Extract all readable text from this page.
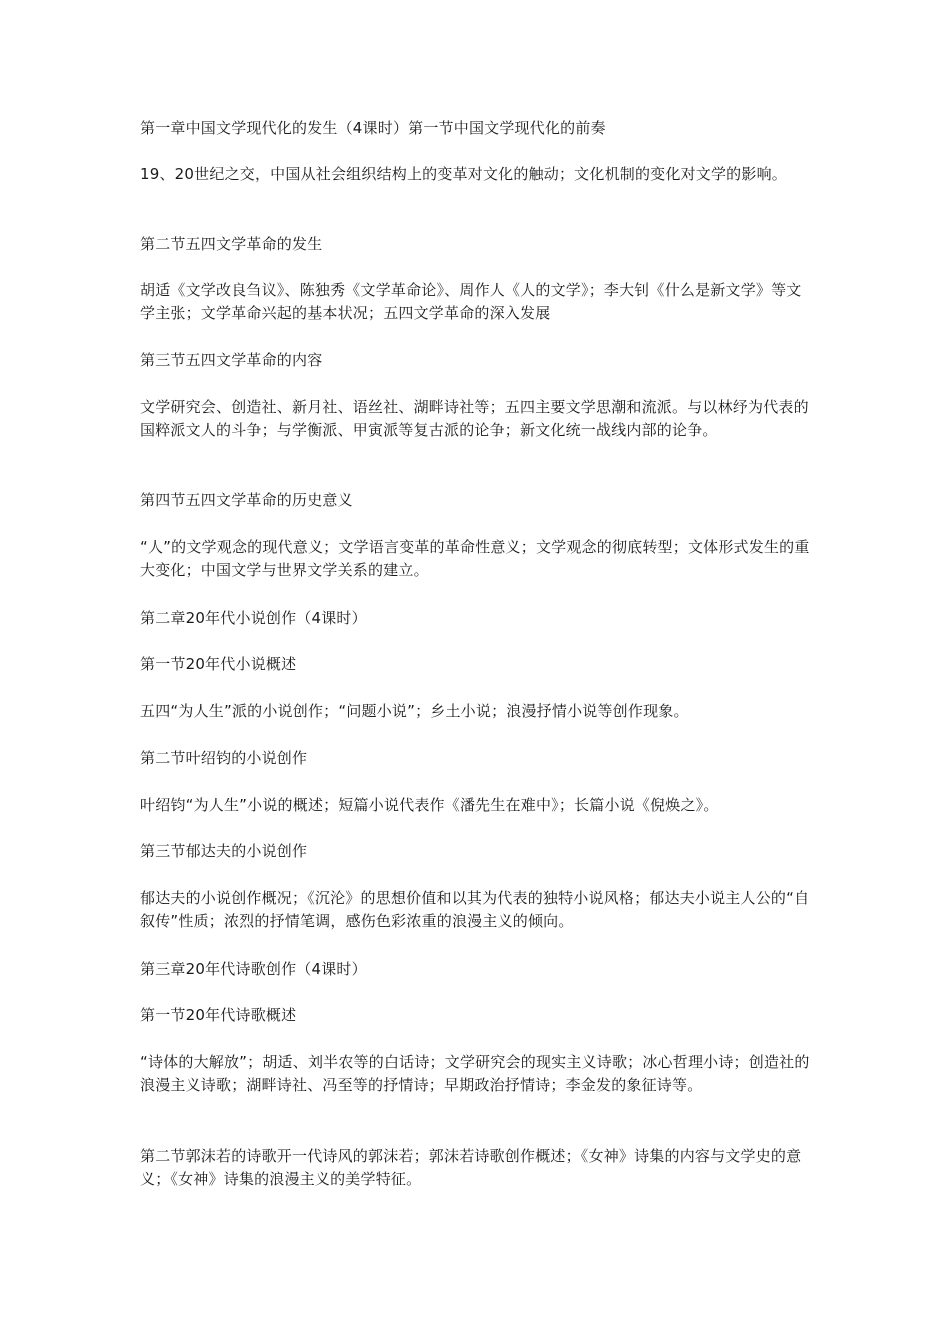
第一章中国文学现代化的发生（4课时）第一节中国文学现代化的前奏

19、20世纪之交，中国从社会组织结构上的变革对文化的触动；文化机制的变化对文学的影响。

第二节五四文学革命的发生

胡适《文学改良刍议》、陈独秀《文学革命论》、周作人《人的文学》；李大钊《什么是新文学》等文学主张；文学革命兴起的基本状况；五四文学革命的深入发展

第三节五四文学革命的内容

文学研究会、创造社、新月社、语丝社、湖畔诗社等；五四主要文学思潮和流派。与以林纾为代表的国粹派文人的斗争；与学衡派、甲寅派等复古派的论争；新文化统一战线内部的论争。

第四节五四文学革命的历史意义

“人”的文学观念的现代意义；文学语言变革的革命性意义；文学观念的彻底转型；文体形式发生的重大变化；中国文学与世界文学关系的建立。

第二章20年代小说创作（4课时）

第一节20年代小说概述

五四“为人生”派的小说创作；“问题小说”；乡土小说；浪漫抒情小说等创作现象。

第二节叶绍钧的小说创作

叶绍钧“为人生”小说的概述；短篇小说代表作《潘先生在难中》；长篇小说《倪焕之》。

第三节郁达夫的小说创作

郁达夫的小说创作概况；《沉沦》的思想价值和以其为代表的独特小说风格；郁达夫小说主人公的“自叙传”性质；浓烈的抒情笔调，感伤色彩浓重的浪漫主义的倾向。

第三章20年代诗歌创作（4课时）

第一节20年代诗歌概述

“诗体的大解放”；胡适、刘半农等的白话诗；文学研究会的现实主义诗歌；冰心哲理小诗；创造社的浪漫主义诗歌；湖畔诗社、冯至等的抒情诗；早期政治抒情诗；李金发的象征诗等。

第二节郭沫若的诗歌开一代诗风的郭沫若；郭沫若诗歌创作概述；《女神》诗集的内容与文学史的意义；《女神》诗集的浪漫主义的美学特征。
